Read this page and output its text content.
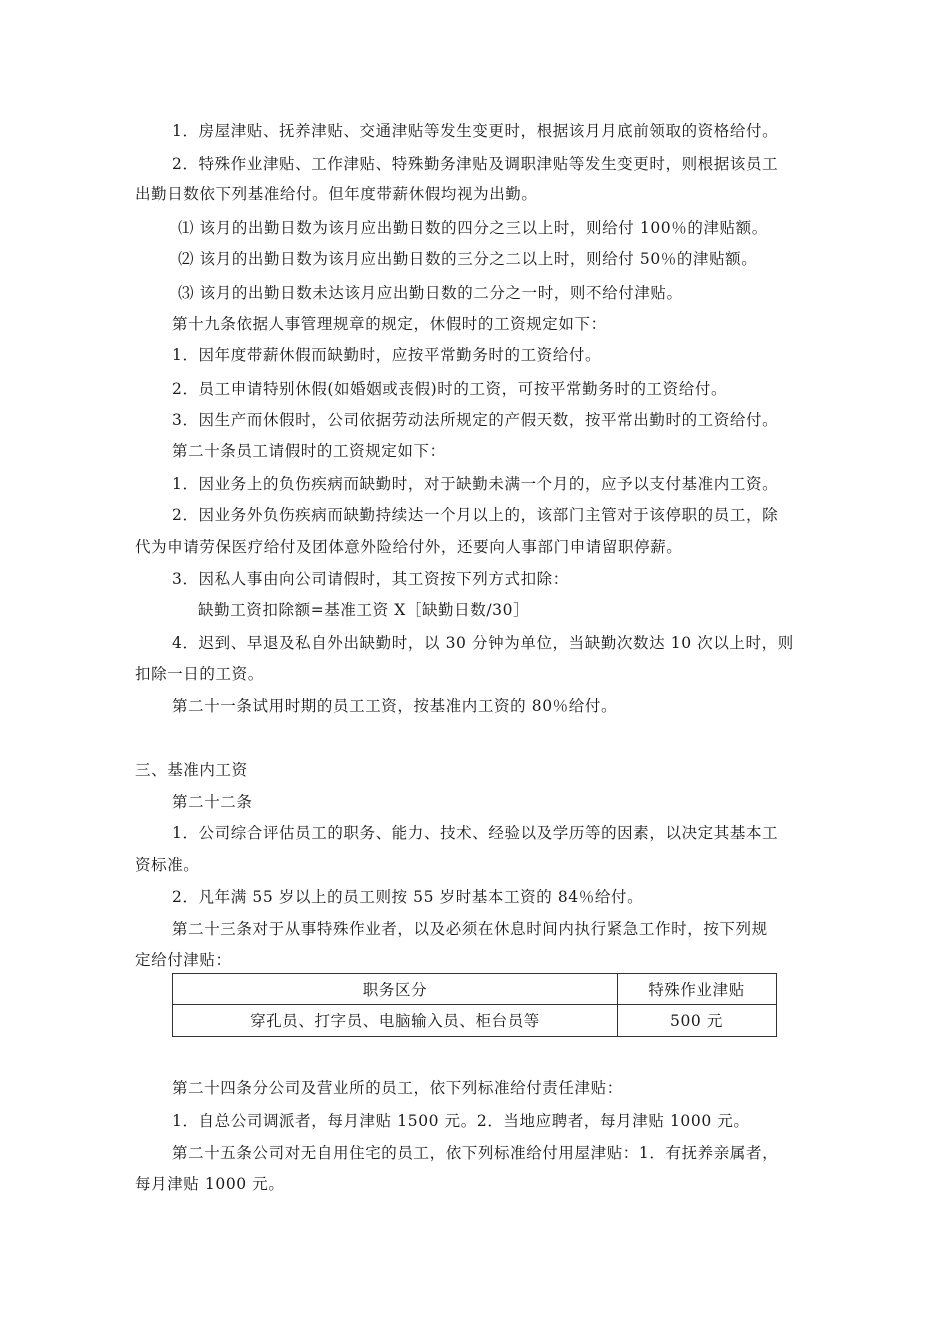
1．房屋津贴、抚养津贴、交通津贴等发生变更时，根据该月月底前领取的资格给付。
2．特殊作业津贴、工作津贴、特殊勤务津贴及调职津贴等发生变更时，则根据该员工
出勤日数依下列基准给付。但年度带薪休假均视为出勤。
⑴ 该月的出勤日数为该月应出勤日数的四分之三以上时，则给付 100％的津贴额。
⑵ 该月的出勤日数为该月应出勤日数的三分之二以上时，则给付 50％的津贴额。
⑶ 该月的出勤日数未达该月应出勤日数的二分之一时，则不给付津贴。
第十九条依据人事管理规章的规定，休假时的工资规定如下：
1．因年度带薪休假而缺勤时，应按平常勤务时的工资给付。
2．员工申请特别休假(如婚姻或丧假)时的工资，可按平常勤务时的工资给付。
3．因生产而休假时，公司依据劳动法所规定的产假天数，按平常出勤时的工资给付。
第二十条员工请假时的工资规定如下：
1．因业务上的负伤疾病而缺勤时，对于缺勤未满一个月的，应予以支付基准内工资。
2．因业务外负伤疾病而缺勤持续达一个月以上的，该部门主管对于该停职的员工，除
代为申请劳保医疗给付及团体意外险给付外，还要向人事部门申请留职停薪。
3．因私人事由向公司请假时，其工资按下列方式扣除：
缺勤工资扣除额=基准工资 X［缺勤日数/30］
4．迟到、早退及私自外出缺勤时，以 30 分钟为单位，当缺勤次数达 10 次以上时，则
扣除一日的工资。
第二十一条试用时期的员工工资，按基准内工资的 80％给付。
三、基准内工资
第二十二条
1．公司综合评估员工的职务、能力、技术、经验以及学历等的因素，以决定其基本工
资标准。
2．凡年满 55 岁以上的员工则按 55 岁时基本工资的 84％给付。
第二十三条对于从事特殊作业者，以及必须在休息时间内执行紧急工作时，按下列规
定给付津贴：
职务区分	特殊作业津贴
穿孔员、打字员、电脑输入员、柜台员等	500 元
第二十四条分公司及营业所的员工，依下列标准给付责任津贴：
1．自总公司调派者，每月津贴 1500 元。2．当地应聘者，每月津贴 1000 元。
第二十五条公司对无自用住宅的员工，依下列标准给付用屋津贴：1．有抚养亲属者，
每月津贴 1000 元。
